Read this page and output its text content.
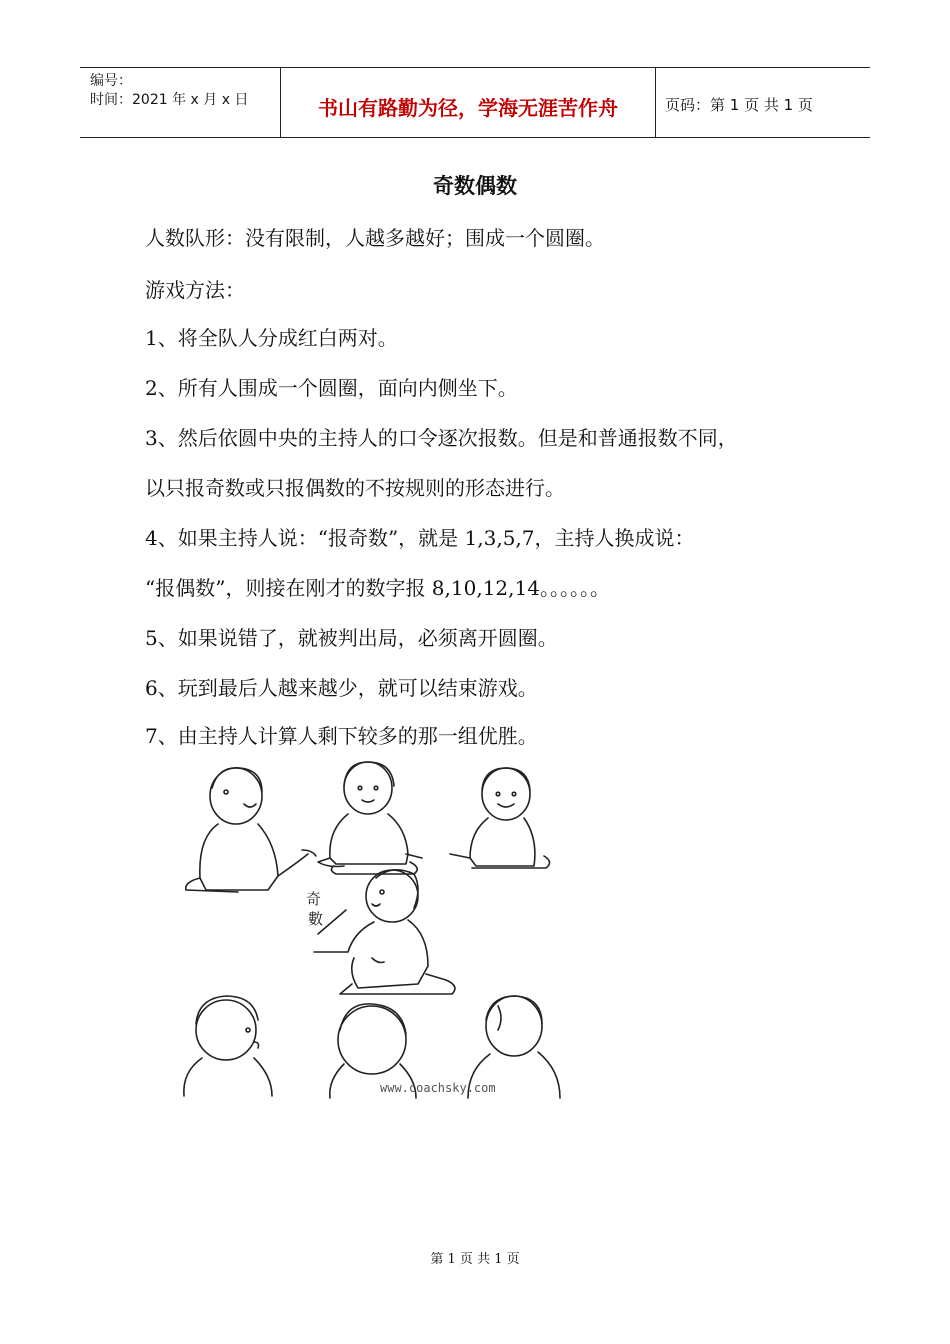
编号：
时间：2021 年 x 月 x 日	书山有路勤为径，学海无涯苦作舟	页码：第 1 页 共 1 页
奇数偶数
人数队形：没有限制，人越多越好；围成一个圆圈。
游戏方法：
1、将全队人分成红白两对。
2、所有人围成一个圆圈，面向内侧坐下。
3、然后依圆中央的主持人的口令逐次报数。但是和普通报数不同，
以只报奇数或只报偶数的不按规则的形态进行。
4、如果主持人说：“报奇数”，就是 1,3,5,7，主持人换成说：
“报偶数”，则接在刚才的数字报 8,10,12,14。。。。。。
5、如果说错了，就被判出局，必须离开圆圈。
6、玩到最后人越来越少，就可以结束游戏。
7、由主持人计算人剩下较多的那一组优胜。
奇
數
www.coachsky.com
第 1 页 共 1 页
